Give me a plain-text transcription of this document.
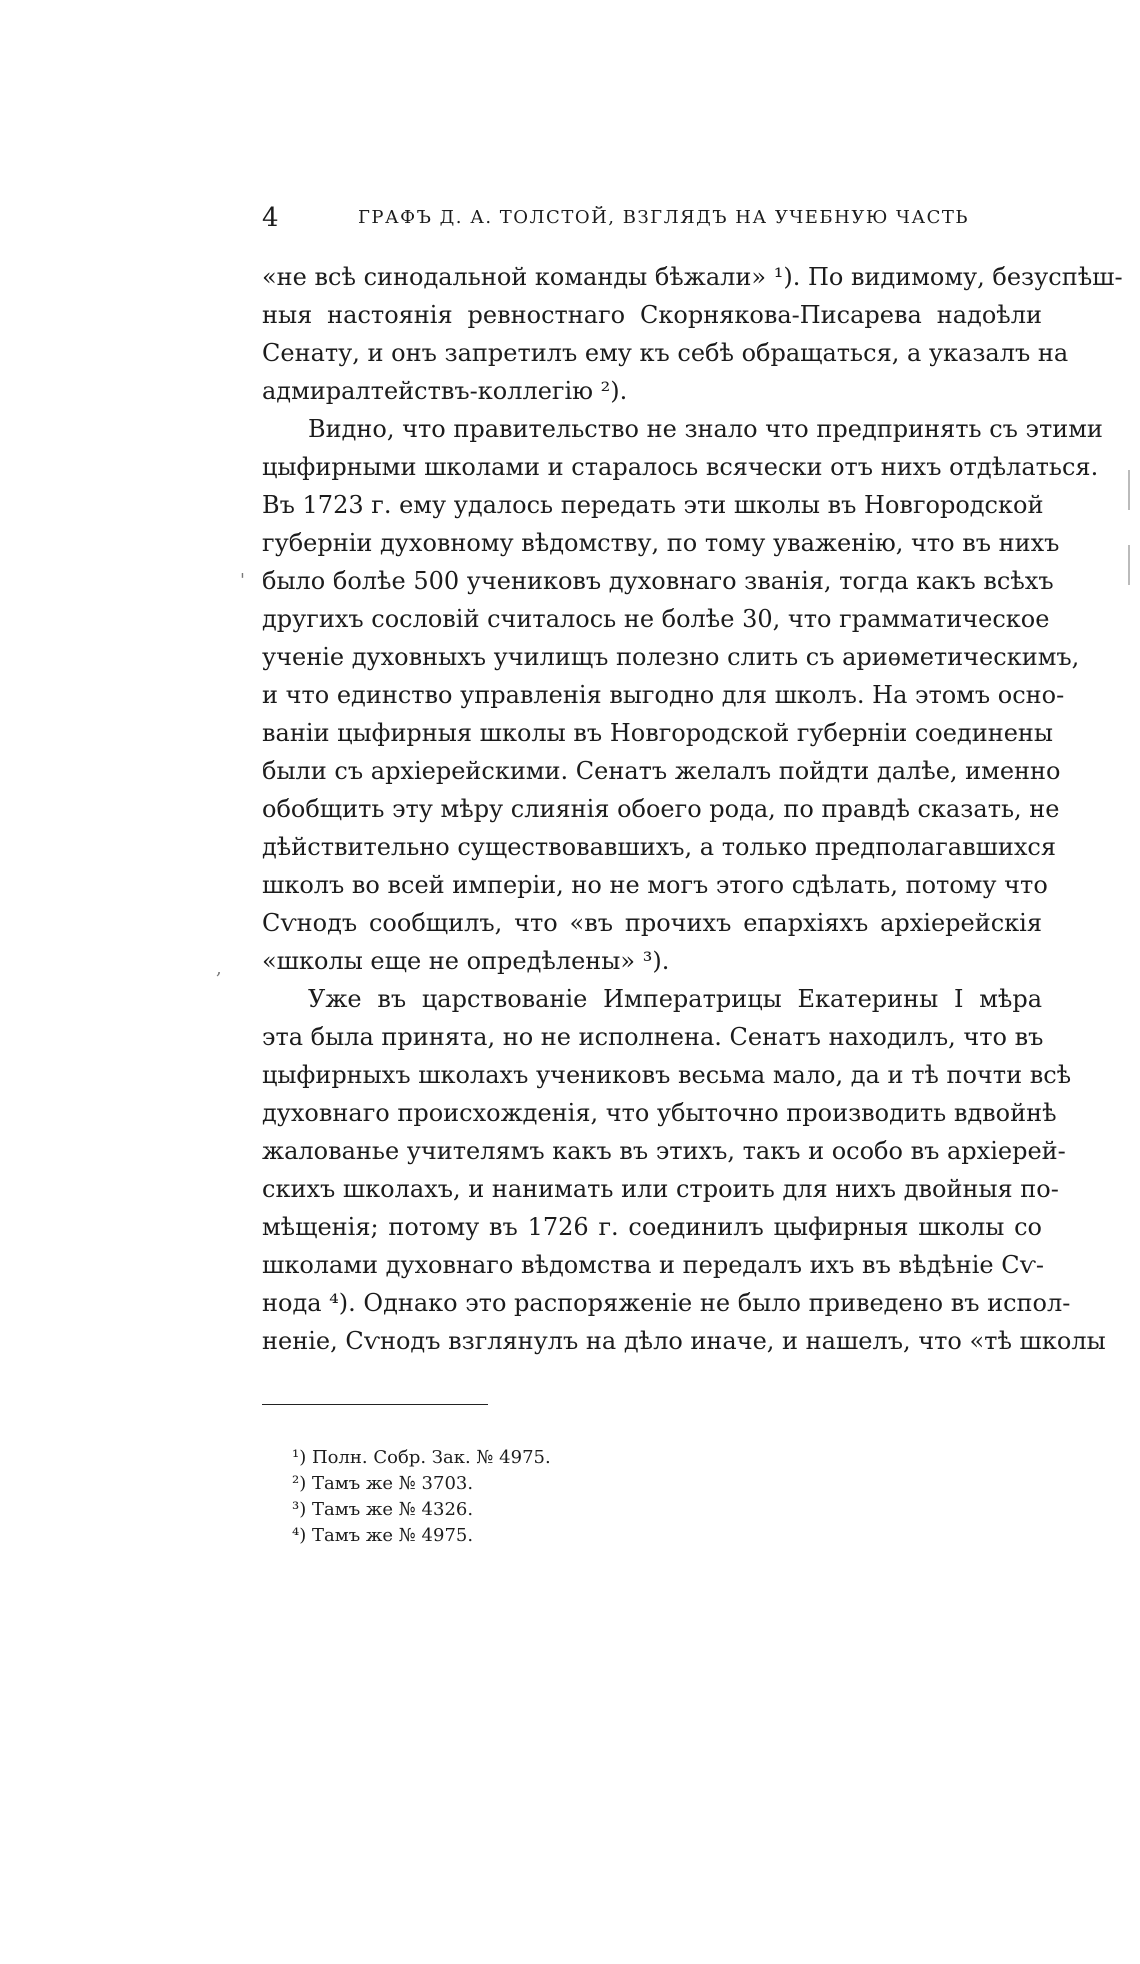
4	ГРАФЪ Д. А. ТОЛСТОЙ, ВЗГЛЯДЪ НА УЧЕБНУЮ ЧАСТЬ
«не всѣ синодальной команды бѣжали» ¹). По видимому, безуспѣш-
ныя настоянія ревностнаго Скорнякова-Писарева надоѣли
Сенату, и онъ запретилъ ему къ себѣ обращаться, а указалъ на
адмиралтействъ-коллегію ²).
Видно, что правительство не знало что предпринять съ этими
цыфирными школами и старалось всячески отъ нихъ отдѣлаться.
Въ 1723 г. ему удалось передать эти школы въ Новгородской
губерніи духовному вѣдомству, по тому уваженію, что въ нихъ
было болѣе 500 учениковъ духовнаго званія, тогда какъ всѣхъ
другихъ сословій считалось не болѣе 30, что грамматическое
ученіе духовныхъ училищъ полезно слить съ ариѳметическимъ,
и что единство управленія выгодно для школъ. На этомъ осно-
ваніи цыфирныя школы въ Новгородской губерніи соединены
были съ архіерейскими. Сенатъ желалъ пойдти далѣе, именно
обобщить эту мѣру слиянія обоего рода, по правдѣ сказать, не
дѣйствительно существовавшихъ, а только предполагавшихся
школъ во всей имперіи, но не могъ этого сдѣлать, потому что
Сѵнодъ сообщилъ, что «въ прочихъ епархіяхъ архіерейскія
«школы еще не опредѣлены» ³).
Уже въ царствованіе Императрицы Екатерины I мѣра
эта была принята, но не исполнена. Сенатъ находилъ, что въ
цыфирныхъ школахъ учениковъ весьма мало, да и тѣ почти всѣ
духовнаго происхожденія, что убыточно производить вдвойнѣ
жалованье учителямъ какъ въ этихъ, такъ и особо въ архіерей-
скихъ школахъ, и нанимать или строить для нихъ двойныя по-
мѣщенія; потому въ 1726 г. соединилъ цыфирныя школы со
школами духовнаго вѣдомства и передалъ ихъ въ вѣдѣніе Сѵ-
нода ⁴). Однако это распоряженіе не было приведено въ испол-
неніе, Сѵнодъ взглянулъ на дѣло иначе, и нашелъ, что «тѣ школы
¹) Полн. Собр. Зак. № 4975.
²) Тамъ же № 3703.
³) Тамъ же № 4326.
⁴) Тамъ же № 4975.
'
,
